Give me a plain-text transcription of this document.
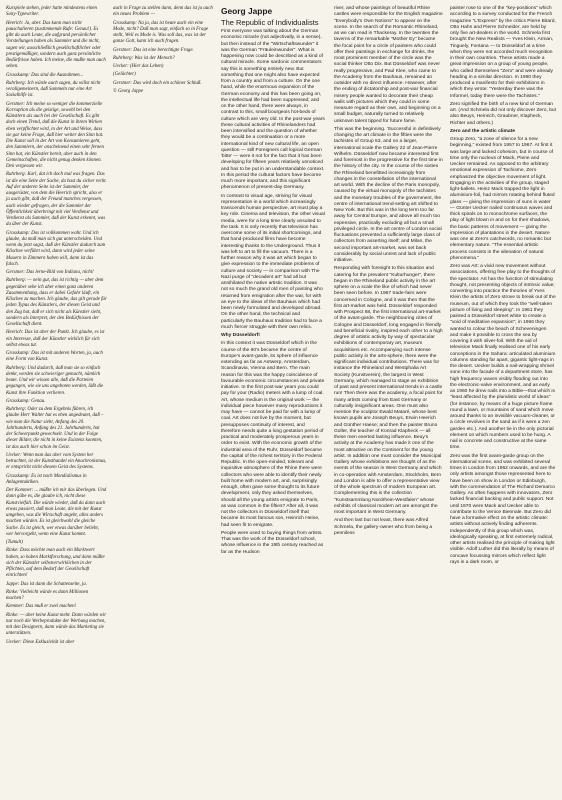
Kurspiele stehen, jeder hatte mindestens einen Sony-Typewriter.

Heerich: Ja, aber. Das kann man nicht pauschalieren (zustimmende Rufe: Genau!). Es gibt da auch Leute, die aufgrund persönlicher Vorstellungen haben als Sammler und die nicht, sagen wir, ausschließlich gesellschaftlicher oder prestigemäßiger, sondern auch ganz persönliche Bedürfnisse haben. Ich meine, die mußte man auch sehen.

Grasskamp: Das sind die Ausnahmen...

Ruhrberg: Ich würde auch sagen, du willst nicht verallgemeinern, daß Sammeln nur eine Art Sozialhilfe ist.

Gerstner: Ich meine so weniger die kommerzielle Korruption als die geistige, sowohl bei den Künstlern als auch bei der Gesellschaft. Es gibt doch einen Trend, daß die Kunst in ihrem Wirken eben verpflichtet wird, in der Art und Weise, dass sie gar keine Frage, daß hier weiter den Sinn hat. Die Kunst soll in der Art von Konsumieren geht, den Sammlern, der anscheinend einen sehr fernen Sinn hat, ein Künstler bereit, aber auch in den Gemeinschaften, die nicht genug denken können. Den vergessen wir.

Ruhrberg: Karl, dat ich doch mal was fragen. Das ist die eine Seite der Sache, da hast du sicher recht. Auf der anderen Seite ist der Sammler, der ausgerüstet, von dem die Heerich spricht, also er ja auch gibt, daß der Freund manches vergessen, auch wieder gefragen, der die Sammler der Öffentlichkeit überbringt mit viel Verdienst und Verdienst als Sammler, daß der Kunst erkennt, was da über der Kunst.

Grasskamp: Das ist vollkommen wahr. Und ich glaube, da muß man sich gut unterscheiden. Und wenn du jetzt sagst, daß der Künstler dadurch zum Klischee verführt wird, dann wird jeder seine Mauern in Zimmern haben will, dann ist das falsch.

Gerstner: Das lerne-Bild von Indiana, nicht!

Ruhrberg: — nein gut, das ist richtig — aber dem gegenüber sehe ich aber einen ganz anderen Zusammenhang, dass er dabei Gefahr läuft, ein Klischee zu machen. Ich glaube, das gilt gerade für jeden Typus des Künstlers, der diesen Geist und den Zug hat, daß er sich nicht als Künstler sieht, sondern als Interpret, der den Bedürfnissen der Gesellschaft dient.

Heerich: Das ist aber der Punkt. Ich glaube, es ist ein Interesse, daß der Künstler wirklich für sich selbst etwas tut.

Grasskamp: Das ist mit anderen Worten, ja, auch eine Form von Kunst.

Ruhrberg: Und dadurch, daß man sie so einfach denkt, werden sie schwieriger gemacht, nämlich heute. Und wir wissen alle, daß die Parteien gegangen, wie sie uns angeboten werden, läßt die Kunst ihre Funktion verlieren.

Grasskamp: Genau.

Ruhrberg: Oder zu dem Ergebnis führen, ich glaube Herr Walter hat es eben angedeutet, daß – wie man die Natur sieht, Anfang des 20. Jahrhunderts, Anfang des 21. Jahrhunderts, hat der Schwerpunkt gewechselt. Und in der Folge dieser Bilder, die nicht in keine Existenz konnten, ist das auch hier schon im Geist.

Uecker: Wenn man das aber vom System her betrachtet, ist der Kunsthandel ein Anachronismus, er entspricht nicht diesem Geist des Systems.

Grasskamp: Es ist nach Mondialismus in Anlagentaktiken.

Der Kommer: ... müßte ich mir das überlegen. Und dann gäbe es, die glaube ich, nicht diese Kunstvielfalt. Die würde wieder, daß da dann auch etwas passiert, daß man Leute, die mit der Kunst umgehen, was die Wirtschaft angeht, alles anders machen würden. Es ist gleichwohl die gleiche Sache. Es ist gleich, wer etwas darüber beliebt, wer hervorgeht, wenn eine Kunst kommt.

(Tumult)

Rinke: Dass möchte man auch ein Marktwert haben, so haben Marktforschung, und dann müßte sich der Künstler selbstverwirklichen in der Pflichten, auf dem Bedarf der Gesellschaft einrichten!

Jappe: Das ist dann die Schattenseite, ja.

Rinke: Vielleicht würde es dann Millionen machen?

Kemmer: Das muß er zwei machen!

Rinke: — aber keine Kunst mehr. Dann würden wir nur noch die Werbeprodukte der Werbung machen, mit den Designern, dann würde das Marketing sie unterstützen.

Uecker: Diese Exklusivität ist aber

auch in Frage zu stellen dann, denn das ist ja auch ein neues Problem —

Grasskamp: Na ja, das ist heute auch ein eine Mode, nicht? Daß man sagt, einfach so in Frage stellt, Weil es Mode is. Was soll das, was ist der ganze Gott, kann ich auch fragen.

Gerstner: Das ist eine berechtigte Frage.

Ruhrberg: Was ist der Mensch?

Uecker: (Hier das Leben)

(Gelächter)

Gerstner: Das wird doch ein schöner Schluß.

© Georg Jappe

Georg Jappe

The Republic of Individualists

First everyone was talking about the German economic miracle (not adjectivally, in a sense), but then instead of the "Wirtschaftswunder" it was the German "Fräuleinwunder". What is happening now could be described as a kind of cultural miracle. Some sardonic commentators say this is something entirely new. But something that one might also have expected from a country and from a culture. On the one hand, while the enormous expansion of the German economy and this has been going on, the intellectual life had been suppressed; and on the other hand, there were always, in contrast to this, small bourgeois hot-beds of culture which are very old. In the post-war years these cultural activities of Rhinelanders had been intensified and the question of whether they would be a continuation or a more international kind of new cultural life, an open question — still Foreigners call logical German 'bitte' — were it not for the fact that it has been developing for fifteen years relatively unnoticed and has to be put in an understandable context. In this period the cultural factors have become much more important, and this significant phenomenon of present-day Germany.

In contrast to visual age, striving for visual representation in a world which increasingly transcends human perspective, art must play a key role. Cinema and television, the other visual media, were for a long time clearly unsuited to the task. It is only recently that television has overcome some of its initial shortcomings, and that hand-produced films have become interesting thanks to the Underground. Thus it was left to art to fill the vacuum. There is a further reason why it was art which began to give expression to the immediate problems of culture and society — in comparison with The Nazi purge of "decadent art" had all but annihilated the native artistic tradition. It was not so much the grand old men of painting who returned from emigration after the war, for with an eye to the ideas of the Bauhaus which had been newly formulated and developed abroad. On the other hand, the technical and particularly the Bauhaus tradition had to face a much fiercer struggle with their own relics.

Why Düsseldorf!

In this context it was Düsseldorf which in the course of the 60's became the centre of Europe's avant-garde, its sphere of influence extending as far as Antwerp, Amsterdam, Scandinavia, Vienna and Bern. The main reason for this was the happy coincidence of favourable economic circumstances and private initiative. In the first post-war years you could pay for your (Radio) meters with a lump of coal. Art, whose medium is the original work — the individual piece however many reproductions it may have — cannot be paid for with a lump of coal. Art does not live by the moment, but presupposes continuity of interest, and therefore needs quite a long gestation period of practical and moderately prosperous years in order to exist. With the economic growth of the industrial area of the Ruhr, Düsseldorf became the capital of the richest territory in the Federal Republic. In the open-minded, tolerant and inquisitive atmosphere of the Rhine there were collectors who were able to identify their newly built home with modern art, and, surprisingly enough, often gave some thought to its future development, only they asked themselves, should all the young artists emigrate to Paris, as was common in the fifties? After all, it was not the collectors in Düsseldorf itself that became its most famous son, Heinrich Heine, had seen fit to emigrate.

People were used to buying things from artists. That was the work of the Düsseldorf school, whose influence in the 19th century reached as far as the Hudson

river, and whose paintings of beautiful Rhine castles were responsible for the English magazine "Everybody's Own Notions" to appear on the scene. In the search of the Romantic Rhineland, as we can read in Thackeray. In the twenties the taverns of the remarkable "Mother Ey" became the focal point for a circle of painters who could offer their paintings in exchange for drinks, the most prominent member of the circle was the social thinker Otto Dix. But Düsseldorf was never really progressive, and Paul Klee, who came to the Academy from the Bauhaus, remained an outsider with no direct influence. However, after the ending of dictatorship and post-war financial misery people wanted to decorate their cheap walls with pictures which they could in some measure regard as their own, and beginning on a small budget, naturally turned to relatively unknown talent tipped for future fame.

This was the beginning. 'Successful in definitively changing the art climate in the fifties were the tachistes of Group 53, and on a larger, international scale the Gallery 22 of Jean-Pierre Wilhelm. Düsseldorf now became interested first and foremost in the progressive for the first time in the history of the city. In the course of the sixties the Rhineland benefitted increasingly from changes in the constellation of the international art world. With the decline of the Paris monopoly, caused by the virtual monopoly of the tachistes and the monetary troubles of the government, the centre of international trend-setting art shifted to New York. But this was in the long term too far away for Central Europe, and above all much too expensive, practically excluding all but a small privileged circle. In the art centre of London social fluctuations prevented a sufficiently large class of collectors from asserting itself; and Milan, the second important art-market, was set back considerably by social unrest and lack of public initiative.

Responding with foresight to this situation and catering for the prevalent "Kulturhunger", there began in the Rhineland public activity in the art sphere on a scale the like of which had never been seen before. In 1967 trade-fairs were concerned in Cologne, and it was then that the first art-market was held. Düsseldorf responded with Prospect 68, the first international art-market of the avant-garde. The neighbouring cities of Cologne and Düsseldorf, long engaged in friendly and beneficial rivalry, inspired each other to a high degree of artistic activity by way of spectacular exhibitions of contemporary art, museum acquisitions etc. Accompanying such intense public activity in the arts-sphere, there were the significant individual contributions. There was for instance the Rhineland and Westphalia Art Society (Kunstverein), the largest in West Germany, which managed to stage an exhibition of past and present international trends in a castle run! Then there was the academy, a focal point for many artists coming from East Germany or culturally insignificant areas. One must also mention the sculptor Ewald Mataré, whose best known pupils are Joseph Beuys, Erwin Heerich and Günther Haese; and then the painter Bruno Goller, the teacher of Konrad Klapheck — all these men exerted lasting influence. Beuy's activity at the Academy has made it one of the most attractive on the Continent for the young artist. In addition one must consider the Municipal Gallery whose exhibitions are thought of as the events of the season in West Germany and which in co-operation with Amsterdam, Stockholm, Bern and London is able to offer a representative view of the whole spectrum of modern European art. Complementing this is the collection "Kunstsammlung Nordrhein-Westfalen" whose exhibits of classical modern art are amongst the most important in West Germany.

And then last but not least, there was Alfred Schmela, the gallery-owner who from being a penniless

painter rose to one of the "key-positions" which according to a survey conducted for the French magazine "L'Express" by the critics Pierre Bitard, Otto Hahn and Pierre Schneider, are held by only five art-dealers in the world. Schmela first brought the New Realists — Yves Klein, Arman, Tinguely, Fontana — to Düsseldorf at a time when they were not accorded much recognition in their own countries. These artists made a great impression on a group of young people, who called themselves "Zero" and were already heading in a similar direction. In 1960 they produced a manifesto for their exhibitions in which they wrote: "Yesterday there was the Informel, today there were the Tachistes."

Zero signified the birth of a new kind of German art. (And Schmela did not only discover Zero, but also Beuys, Heinrich, Graubner, Klapheck, Richter and others.)

Zero and the artistic climate

Group Zero, "a zone of silence for a new beginning," existed from 1957 to 1967. At first it was large and lacked cohesion, but in course of time only the nucleus of Mack, Piene and Uecker remained. As opposed to the arbitrary emotional expression of Tachisme, Zero emphasized the objective movement of light. Engaging in the activities of the group, staged light-ballets. Heinz Mack trapped the light in aluminium-foil, had mirrors rotating behind fluted glass — giving the impression of suns in water — Günter Uecker nailed continuous waves and thick spirals on to monochrome surfaces, the play of light blown in and on for their shadows, the basic patterns of movement — giving the impression of plantations in the desert. Nature was one at Zero's catchwords, no romantic but elementary nature. "The essential artistic process consists in the alienation of natural phenomena."

Zero was Art: a vivid new movement without associations, offering free play to the thoughts of the spectator. Art has the function of stimulating thought, not presenting objects of intrinsic value; converting into practice the theories of Yves Klein the artists of Zero strove to break out of the museum, out of which they took the "well-taken picture of living and sleeping". In 1961 they painted a Düsseldorf street white to create a "void of meditative expansion"; in 1966 they wanted to colour the beach of Scheveningen and make it possible to cross the sea by covering it with silver-foil. With the aid of television Mack finally realised one of his early conceptions in the Sahara: articulated aluminium columns standing far apart, gigantic light-rags in the desert. Uecker builds a nail-wrapping shrivel sone into the facade of a department store, has high frequency waves visibly flooding out into the electronic-valve environment, and as early as 1960 he drew nails into a Bible—that which is "least affected by the pluralistic world of ideas" (for instance, by means of a huge picture frame round a lawn, or mountains of sand which move around thanks to an invisible vacuum-cleaner, or a circle revolves in the sand as if it were a zen garden etc.). And another tie in the only pictorial element on which numbers used to be hung. A nail is concrete and constructive at the same time.

Zero was the first avant-garde group on the international scene, and was exhibited several times in London from 1962 onwards, and are the only artists amongst those represented here to have been on show in London or Edinburgh, with the commendation of The Richard Demarco Gallery. As often happens with innovators, Zero lacked financial backing and public support. Not until 1970 were Mack and Uecker able to contribute to the Venice Biennale. But Zero did have a formative effect on the artistic climate: artists without actively finding adherents. Independently of this group which was, ideologically speaking, at first extremely radical, other artists realised the principle of making light visible. Adolf Luther did this literally by means of concave focussing mirrors which reflect light rays in a dark room, or
